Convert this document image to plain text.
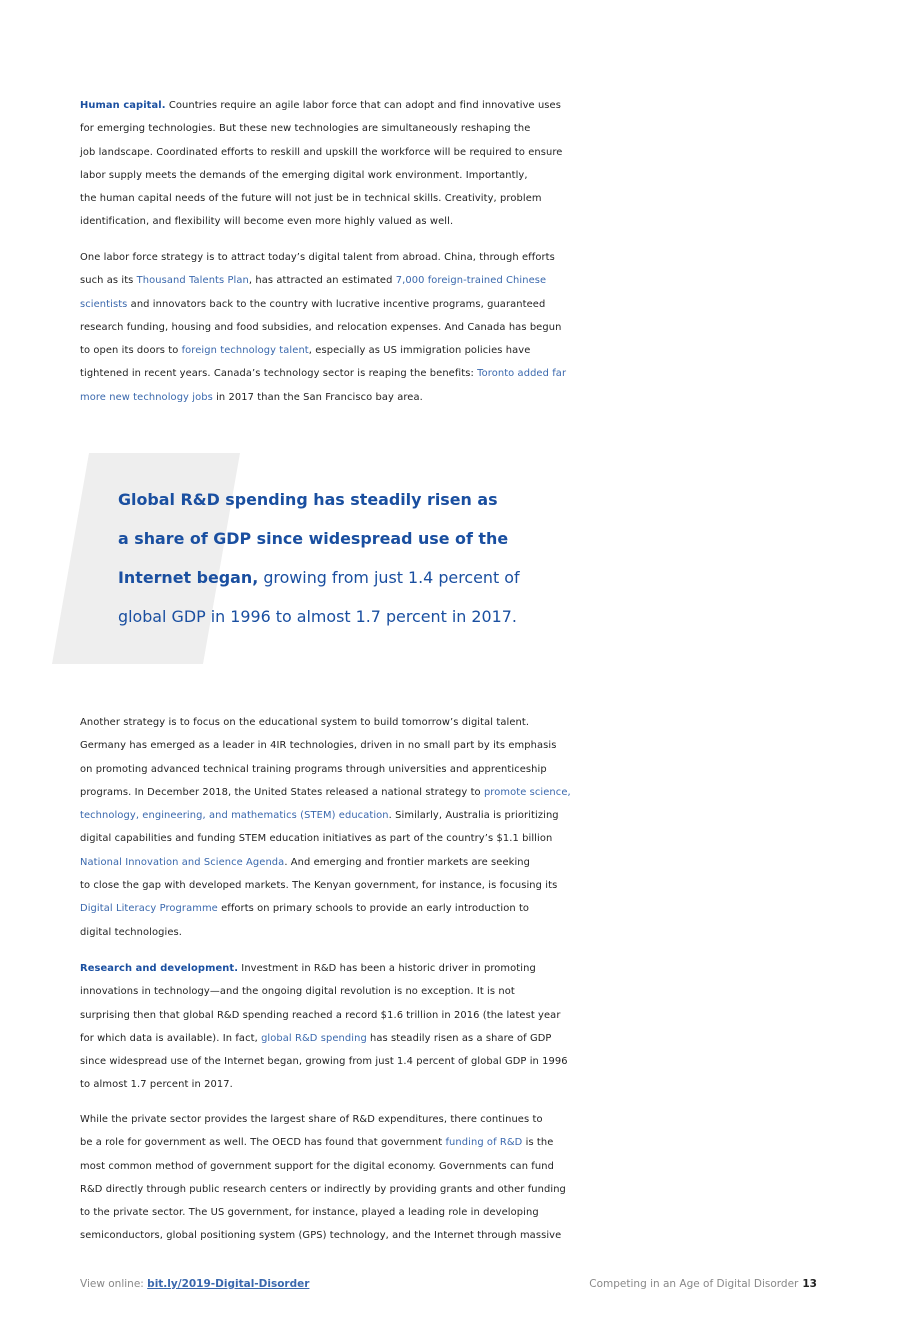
Human capital. Countries require an agile labor force that can adopt and find innovative uses
for emerging technologies. But these new technologies are simultaneously reshaping the
job landscape. Coordinated efforts to reskill and upskill the workforce will be required to ensure
labor supply meets the demands of the emerging digital work environment. Importantly,
the human capital needs of the future will not just be in technical skills. Creativity, problem
identification, and flexibility will become even more highly valued as well.
One labor force strategy is to attract today’s digital talent from abroad. China, through efforts
such as its Thousand Talents Plan, has attracted an estimated 7,000 foreign-trained Chinese
scientists and innovators back to the country with lucrative incentive programs, guaranteed
research funding, housing and food subsidies, and relocation expenses. And Canada has begun
to open its doors to foreign technology talent, especially as US immigration policies have
tightened in recent years. Canada’s technology sector is reaping the benefits: Toronto added far
more new technology jobs in 2017 than the San Francisco bay area.
Global R&D spending has steadily risen as
a share of GDP since widespread use of the
Internet began, growing from just 1.4 percent of
global GDP in 1996 to almost 1.7 percent in 2017.
Another strategy is to focus on the educational system to build tomorrow’s digital talent.
Germany has emerged as a leader in 4IR technologies, driven in no small part by its emphasis
on promoting advanced technical training programs through universities and apprenticeship
programs. In December 2018, the United States released a national strategy to promote science,
technology, engineering, and mathematics (STEM) education. Similarly, Australia is prioritizing
digital capabilities and funding STEM education initiatives as part of the country’s $1.1 billion
National Innovation and Science Agenda. And emerging and frontier markets are seeking
to close the gap with developed markets. The Kenyan government, for instance, is focusing its
Digital Literacy Programme efforts on primary schools to provide an early introduction to
digital technologies.
Research and development. Investment in R&D has been a historic driver in promoting
innovations in technology—and the ongoing digital revolution is no exception. It is not
surprising then that global R&D spending reached a record $1.6 trillion in 2016 (the latest year
for which data is available). In fact, global R&D spending has steadily risen as a share of GDP
since widespread use of the Internet began, growing from just 1.4 percent of global GDP in 1996
to almost 1.7 percent in 2017.
While the private sector provides the largest share of R&D expenditures, there continues to
be a role for government as well. The OECD has found that government funding of R&D is the
most common method of government support for the digital economy. Governments can fund
R&D directly through public research centers or indirectly by providing grants and other funding
to the private sector. The US government, for instance, played a leading role in developing
semiconductors, global positioning system (GPS) technology, and the Internet through massive
View online: bit.ly/2019-Digital-Disorder	Competing in an Age of Digital Disorder 13
